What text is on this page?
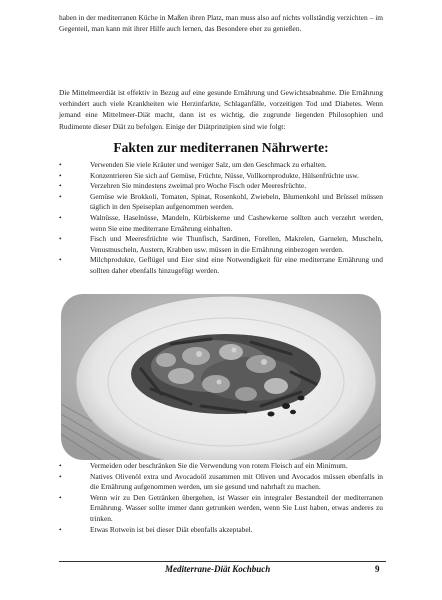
haben in der mediterranen Küche in Maßen ihren Platz, man muss also auf nichts vollständig verzichten – im Gegenteil, man kann mit ihrer Hilfe auch lernen, das Besondere eher zu genießen.

Die Mittelmeerdiät ist effektiv in Bezug auf eine gesunde Ernährung und Gewichtsabnahme. Die Ernährung verhindert auch viele Krankheiten wie Herzinfarkte, Schlaganfälle, vorzeitigen Tod und Diabetes. Wenn jemand eine Mittelmeer-Diät macht, dann ist es wichtig, die zugrunde liegenden Philosophien und Rudimente dieser Diät zu befolgen. Einige der Diätprinzipien sind wie folgt:

Fakten zur mediterranen Nährwerte:
•	Verwenden Sie viele Kräuter und weniger Salz, um den Geschmack zu erhalten.
•	Konzentrieren Sie sich auf Gemüse, Früchte, Nüsse, Vollkornprodukte, Hülsenfrüchte usw.
•	Verzehren Sie mindestens zweimal pro Woche Fisch oder Meeresfrüchte.
•	Gemüse wie Brokkoli, Tomaten, Spinat, Rosenkohl, Zwiebeln, Blumenkohl und Brüssel müssen täglich in den Speiseplan aufgenommen werden.
•	Walnüsse, Haselnüsse, Mandeln, Kürbiskerne und Cashewkerne sollten auch verzehrt werden, wenn Sie eine mediterrane Ernährung einhalten.
•	Fisch und Meeresfrüchte wie Thunfisch, Sardinen, Forellen, Makrelen, Garnelen, Muscheln, Venusmuscheln, Austern, Krabben usw. müssen in die Ernährung einbezogen werden.
•	Milchprodukte, Geflügel und Eier sind eine Notwendigkeit für eine mediterrane Ernährung und sollten daher ebenfalls hinzugefügt werden.
•	Vermeiden oder beschränken Sie die Verwendung von rotem Fleisch auf ein Minimum.
•	Natives Olivenöl extra und Avocadoöl zusammen mit Oliven und Avocados müssen ebenfalls in die Ernährung aufgenommen werden, um sie gesund und nahrhaft zu machen.
•	Wenn wir zu Den Getränken übergehen, ist Wasser ein integraler Bestandteil der mediterranen Ernährung. Wasser sollte immer dann getrunken werden, wenn Sie Lust haben, etwas anderes zu trinken.
•	Etwas Rotwein ist bei dieser Diät ebenfalls akzeptabel.
Mediterrane-Diät Kochbuch	9
